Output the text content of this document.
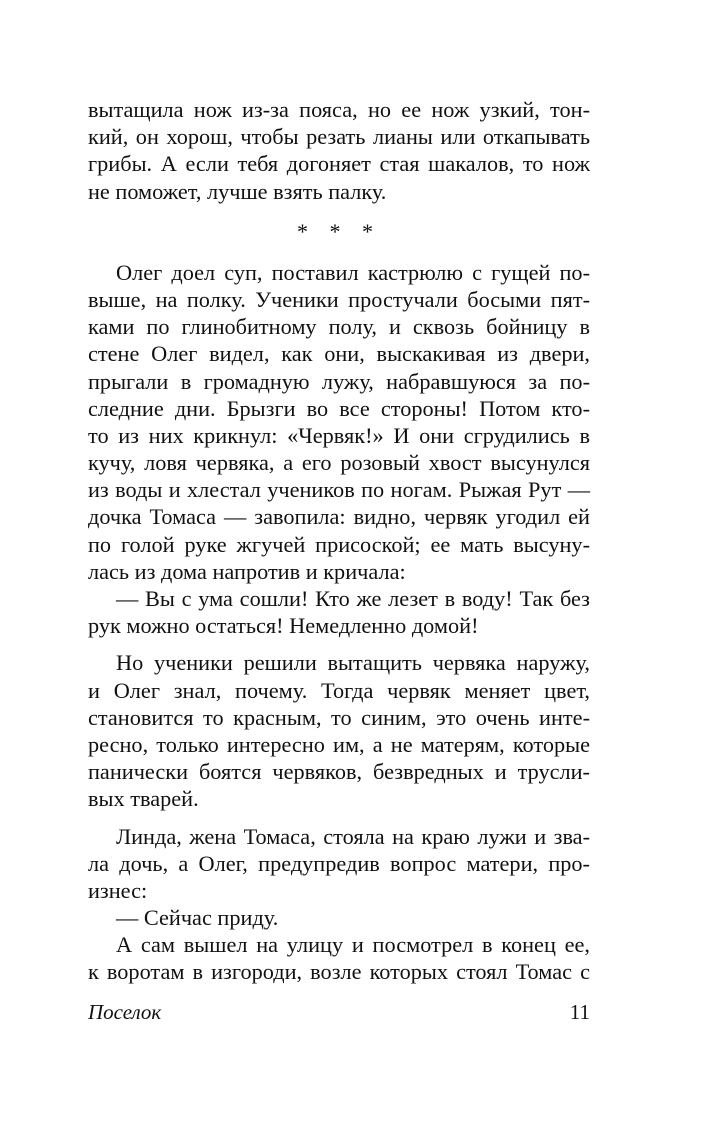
вытащила нож из-за пояса, но ее нож узкий, тон-
кий, он хорош, чтобы резать лианы или откапывать
грибы. А если тебя догоняет стая шакалов, то нож
не поможет, лучше взять палку.
* * *
Олег доел суп, поставил кастрюлю с гущей по-
выше, на полку. Ученики простучали босыми пят-
ками по глинобитному полу, и сквозь бойницу в
стене Олег видел, как они, выскакивая из двери,
прыгали в громадную лужу, набравшуюся за по-
следние дни. Брызги во все стороны! Потом кто-
то из них крикнул: «Червяк!» И они сгрудились в
кучу, ловя червяка, а его розовый хвост высунулся
из воды и хлестал учеников по ногам. Рыжая Рут —
дочка Томаса — завопила: видно, червяк угодил ей
по голой руке жгучей присоской; ее мать высуну-
лась из дома напротив и кричала:
— Вы с ума сошли! Кто же лезет в воду! Так без
рук можно остаться! Немедленно домой!
Но ученики решили вытащить червяка наружу,
и Олег знал, почему. Тогда червяк меняет цвет,
становится то красным, то синим, это очень инте-
ресно, только интересно им, а не матерям, которые
панически боятся червяков, безвредных и трусли-
вых тварей.
Линда, жена Томаса, стояла на краю лужи и зва-
ла дочь, а Олег, предупредив вопрос матери, про-
изнес:
— Сейчас приду.
А сам вышел на улицу и посмотрел в конец ее,
к воротам в изгороди, возле которых стоял Томас с
Поселок	11
